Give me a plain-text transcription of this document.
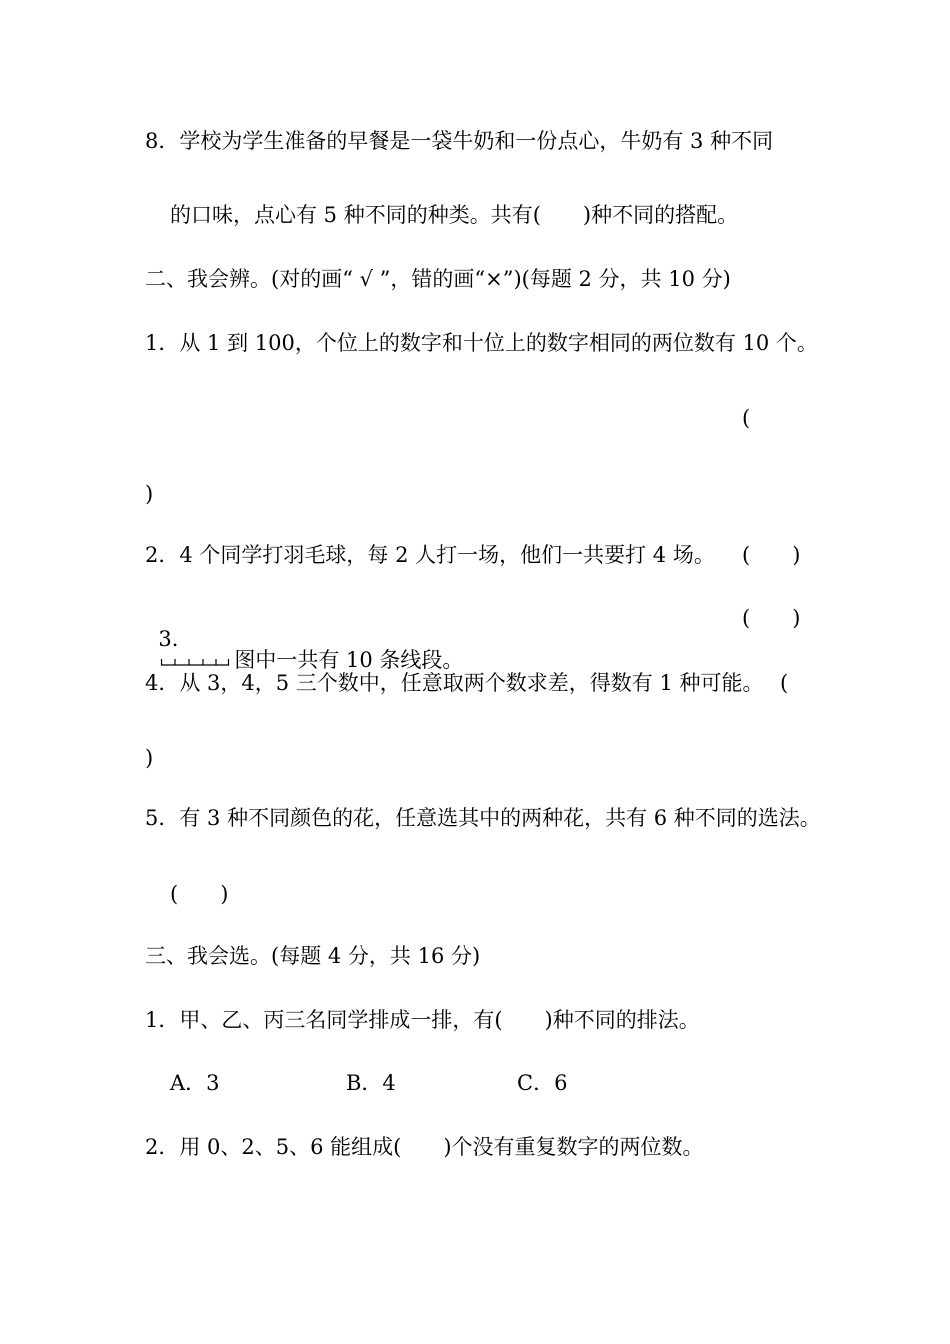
8．学校为学生准备的早餐是一袋牛奶和一份点心，牛奶有 3 种不同
的口味，点心有 5 种不同的种类。共有(　　)种不同的搭配。
二、我会辨。(对的画“ √ ”，错的画“×”)(每题 2 分，共 10 分)
1．从 1 到 100，个位上的数字和十位上的数字相同的两位数有 10 个。
(
)
2．4 个同学打羽毛球，每 2 人打一场，他们一共要打 4 场。 (　　)

3.
图中一共有 10 条线段。

(　　)
4．从 3，4，5 三个数中，任意取两个数求差，得数有 1 种可能。 (
)
5．有 3 种不同颜色的花，任意选其中的两种花，共有 6 种不同的选法。
(　　)
三、我会选。(每题 4 分，共 16 分)
1．甲、乙、丙三名同学排成一排，有(　　)种不同的排法。
A．3	B．4	C．6
2．用 0、2、5、6 能组成(　　)个没有重复数字的两位数。
